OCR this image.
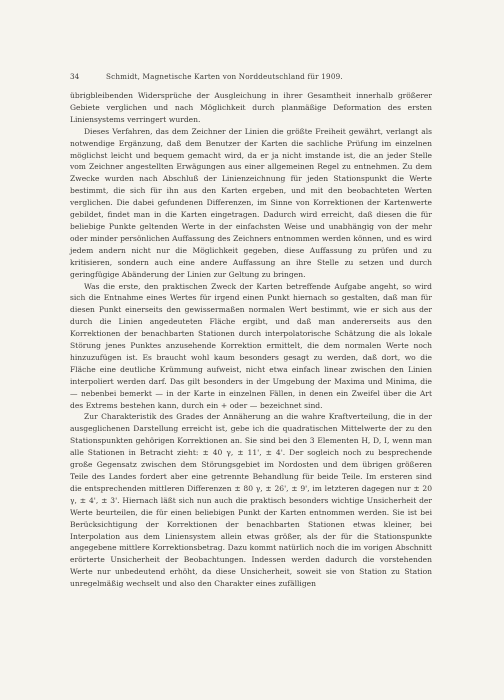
34	Schmidt, Magnetische Karten von Norddeutschland für 1909.

übrigbleibenden Widersprüche der Ausgleichung in ihrer Gesamtheit innerhalb größerer Gebiete verglichen und nach Möglichkeit durch planmäßige Deformation des ersten Liniensystems verringert wurden.

Dieses Verfahren, das dem Zeichner der Linien die größte Freiheit gewährt, verlangt als notwendige Ergänzung, daß dem Benutzer der Karten die sachliche Prüfung im einzelnen möglichst leicht und bequem gemacht wird, da er ja nicht imstande ist, die an jeder Stelle vom Zeichner angestellten Erwägungen aus einer allgemeinen Regel zu entnehmen. Zu dem Zwecke wurden nach Abschluß der Linienzeichnung für jeden Stationspunkt die Werte bestimmt, die sich für ihn aus den Karten ergeben, und mit den beobachteten Werten verglichen. Die dabei gefundenen Differenzen, im Sinne von Korrektionen der Kartenwerte gebildet, findet man in die Karten eingetragen. Dadurch wird erreicht, daß diesen die für beliebige Punkte geltenden Werte in der einfachsten Weise und unabhängig von der mehr oder minder persönlichen Auffassung des Zeichners entnommen werden können, und es wird jedem andern nicht nur die Möglichkeit gegeben, diese Auffassung zu prüfen und zu kritisieren, sondern auch eine andere Auffassung an ihre Stelle zu setzen und durch geringfügige Abänderung der Linien zur Geltung zu bringen.

Was die erste, den praktischen Zweck der Karten betreffende Aufgabe angeht, so wird sich die Entnahme eines Wertes für irgend einen Punkt hiernach so gestalten, daß man für diesen Punkt einerseits den gewissermaßen normalen Wert bestimmt, wie er sich aus der durch die Linien angedeuteten Fläche ergibt, und daß man andererseits aus den Korrektionen der benachbarten Stationen durch interpolatorische Schätzung die als lokale Störung jenes Punktes anzusehende Korrektion ermittelt, die dem normalen Werte noch hinzuzufügen ist. Es braucht wohl kaum besonders gesagt zu werden, daß dort, wo die Fläche eine deutliche Krümmung aufweist, nicht etwa einfach linear zwischen den Linien interpoliert werden darf. Das gilt besonders in der Umgebung der Maxima und Minima, die — nebenbei bemerkt — in der Karte in einzelnen Fällen, in denen ein Zweifel über die Art des Extrems bestehen kann, durch ein + oder — bezeichnet sind.

Zur Charakteristik des Grades der Annäherung an die wahre Kraftverteilung, die in der ausgeglichenen Darstellung erreicht ist, gebe ich die quadratischen Mittelwerte der zu den Stationspunkten gehörigen Korrektionen an. Sie sind bei den 3 Elementen H, D, I, wenn man alle Stationen in Betracht zieht: ± 40 γ, ± 11', ± 4'. Der sogleich noch zu besprechende große Gegensatz zwischen dem Störungsgebiet im Nordosten und dem übrigen größeren Teile des Landes fordert aber eine getrennte Behandlung für beide Teile. Im ersteren sind die entsprechenden mittleren Differenzen ± 80 γ, ± 26', ± 9', im letzteren dagegen nur ± 20 γ, ± 4', ± 3'. Hiernach läßt sich nun auch die praktisch besonders wichtige Unsicherheit der Werte beurteilen, die für einen beliebigen Punkt der Karten entnommen werden. Sie ist bei Berücksichtigung der Korrektionen der benachbarten Stationen etwas kleiner, bei Interpolation aus dem Liniensystem allein etwas größer, als der für die Stationspunkte angegebene mittlere Korrektionsbetrag. Dazu kommt natürlich noch die im vorigen Abschnitt erörterte Unsicherheit der Beobachtungen. Indessen werden dadurch die vorstehenden Werte nur unbedeutend erhöht, da diese Unsicherheit, soweit sie von Station zu Station unregelmäßig wechselt und also den Charakter eines zufälligen
